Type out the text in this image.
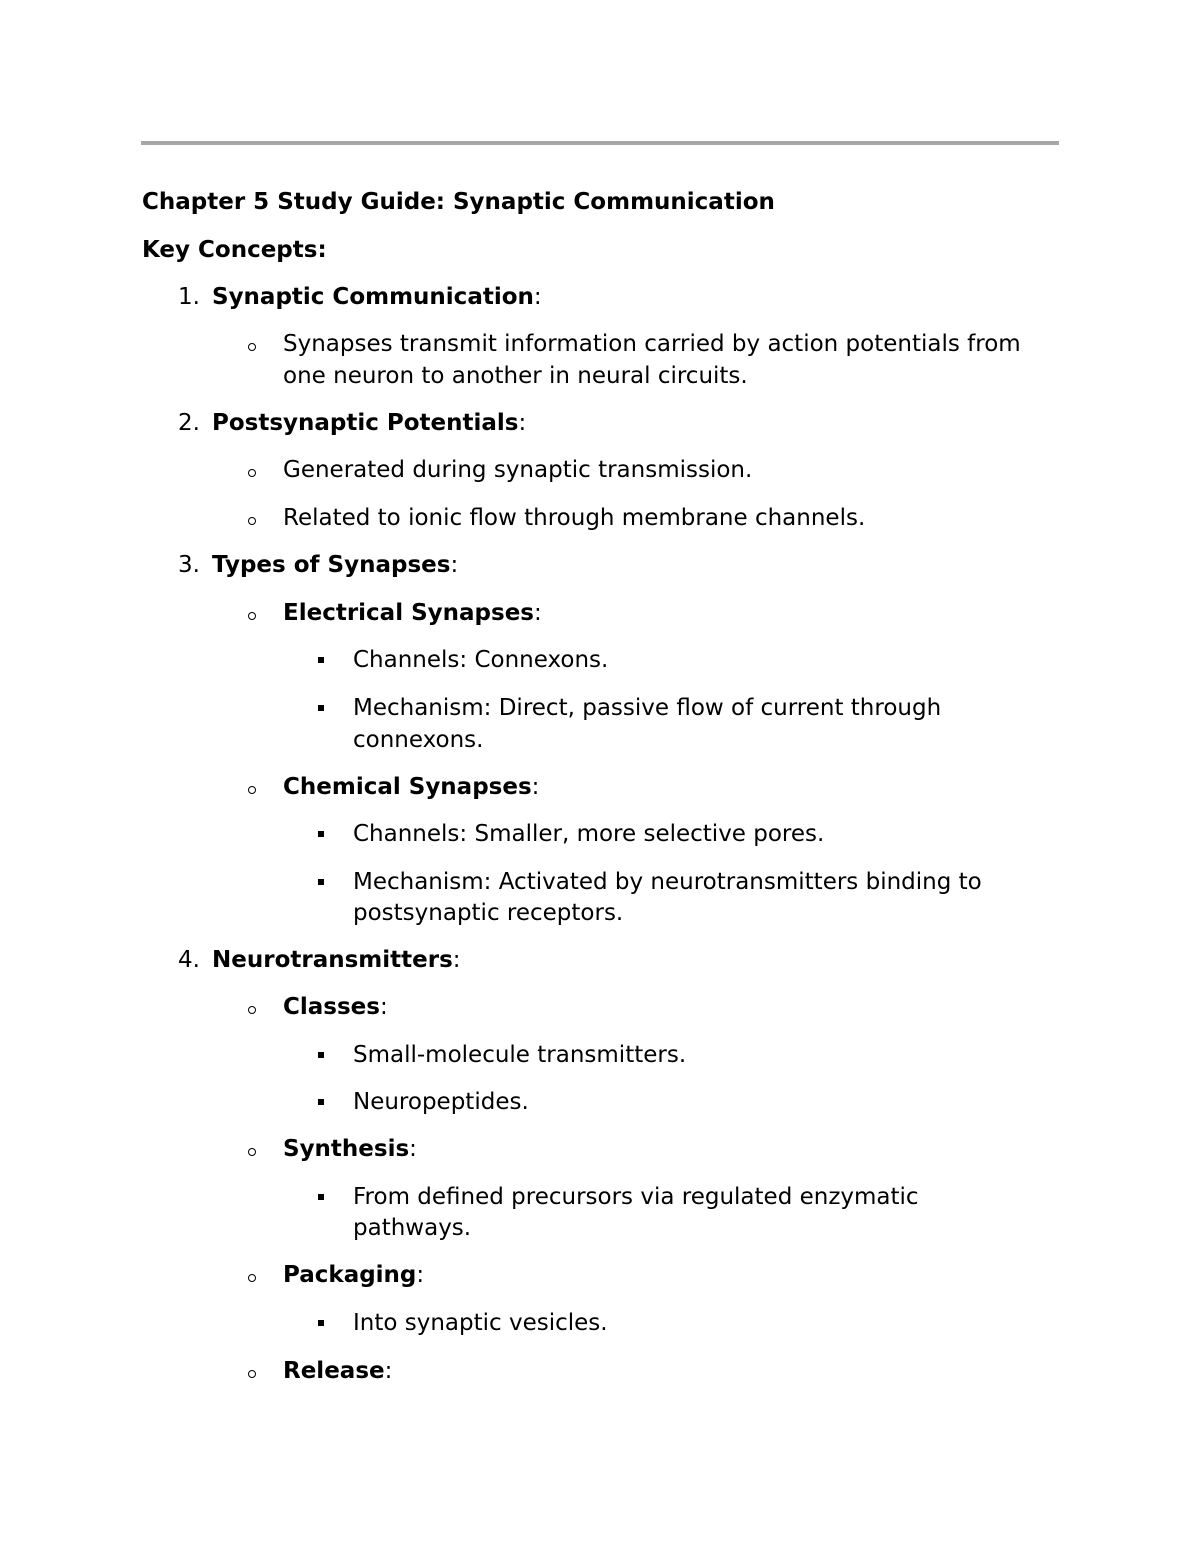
Chapter 5 Study Guide: Synaptic Communication
Key Concepts:
1. Synaptic Communication:
Synapses transmit information carried by action potentials from
one neuron to another in neural circuits.
2. Postsynaptic Potentials:
Generated during synaptic transmission.
Related to ionic flow through membrane channels.
3. Types of Synapses:
Electrical Synapses:
Channels: Connexons.
Mechanism: Direct, passive flow of current through
connexons.
Chemical Synapses:
Channels: Smaller, more selective pores.
Mechanism: Activated by neurotransmitters binding to
postsynaptic receptors.
4. Neurotransmitters:
Classes:
Small-molecule transmitters.
Neuropeptides.
Synthesis:
From defined precursors via regulated enzymatic
pathways.
Packaging:
Into synaptic vesicles.
Release:
